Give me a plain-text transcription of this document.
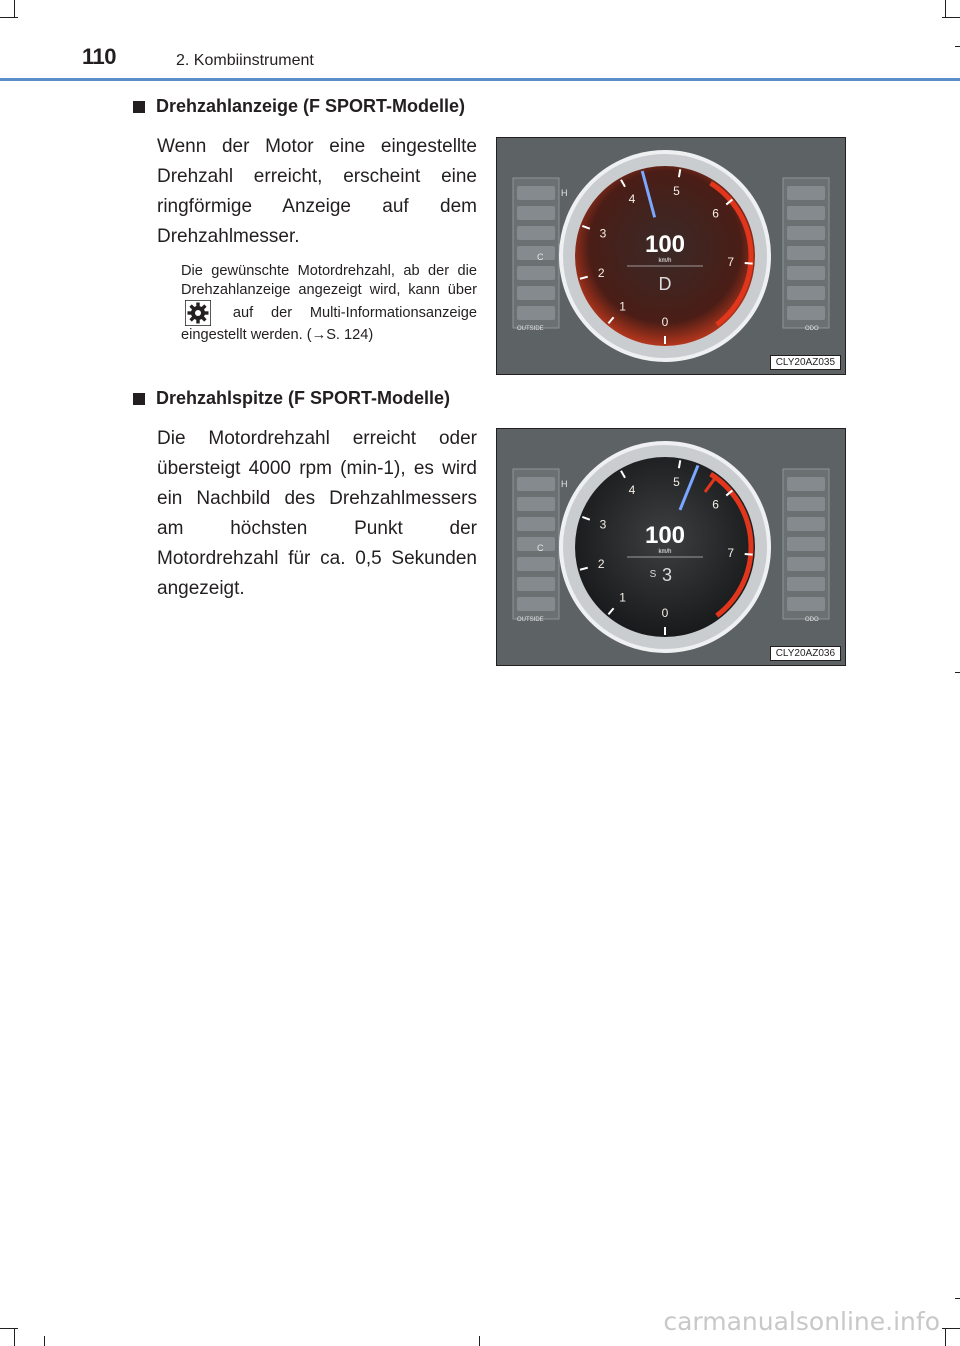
110	2. Kombiinstrument
Drehzahlanzeige (F SPORT-Modelle)
Wenn der Motor eine eingestellte Drehzahl erreicht, erscheint eine ringförmige Anzeige auf dem Drehzahlmesser.
Die gewünschte Motordrehzahl, ab der die Drehzahlanzeige angezeigt wird, kann über  auf der Multi-Informationsanzeige eingestellt werden. (→S. 124)
H
C
OUTSIDE	ODO
0
1
2
3
4
5
6
7
100
km/h
D
CLY20AZ035
Drehzahlspitze (F SPORT-Modelle)
Die Motordrehzahl erreicht oder übersteigt 4000 rpm (min-1), es wird ein Nachbild des Drehzahlmessers am höchsten Punkt der Motordrehzahl für ca. 0,5 Sekunden angezeigt.
H
C
OUTSIDE	ODO
0
1
2
3
4
5
6
7
100
km/h
S 3
CLY20AZ036
carmanualsonline.info
